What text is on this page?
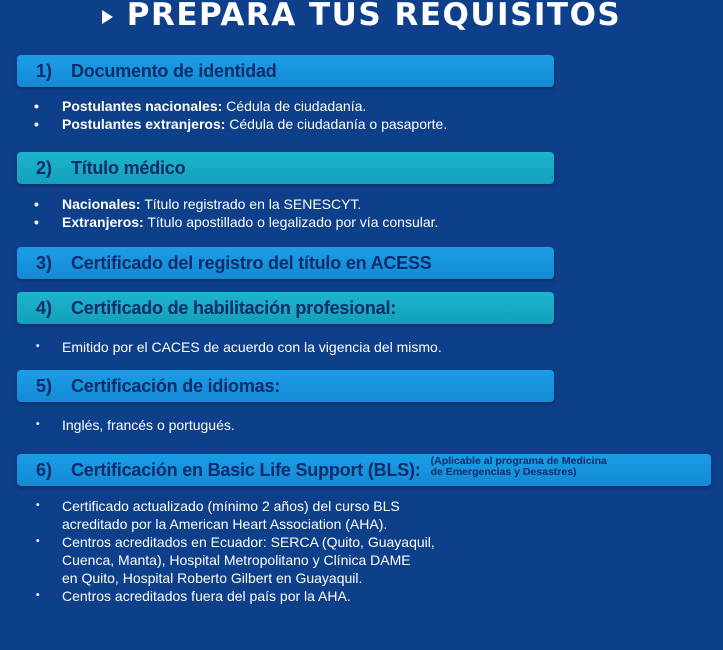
PREPARA TUS REQUISITOS
1)	Documento de identidad
• Postulantes nacionales: Cédula de ciudadanía.
• Postulantes extranjeros: Cédula de ciudadanía o pasaporte.
2)	Título médico
• Nacionales: Título registrado en la SENESCYT.
• Extranjeros: Título apostillado o legalizado por vía consular.
3)	Certificado del registro del título en ACESS
4)	Certificado de habilitación profesional:
• Emitido por el CACES de acuerdo con la vigencia del mismo.
5)	Certificación de idiomas:
• Inglés, francés o portugués.
6)	Certificación en Basic Life Support (BLS): (Aplicable al programa de Medicina
de Emergencias y Desastres)
• Certificado actualizado (mínimo 2 años) del curso BLS
acreditado por la American Heart Association (AHA).
• Centros acreditados en Ecuador: SERCA (Quito, Guayaquil,
Cuenca, Manta), Hospital Metropolitano y Clínica DAME
en Quito, Hospital Roberto Gilbert en Guayaquil.
• Centros acreditados fuera del país por la AHA.
